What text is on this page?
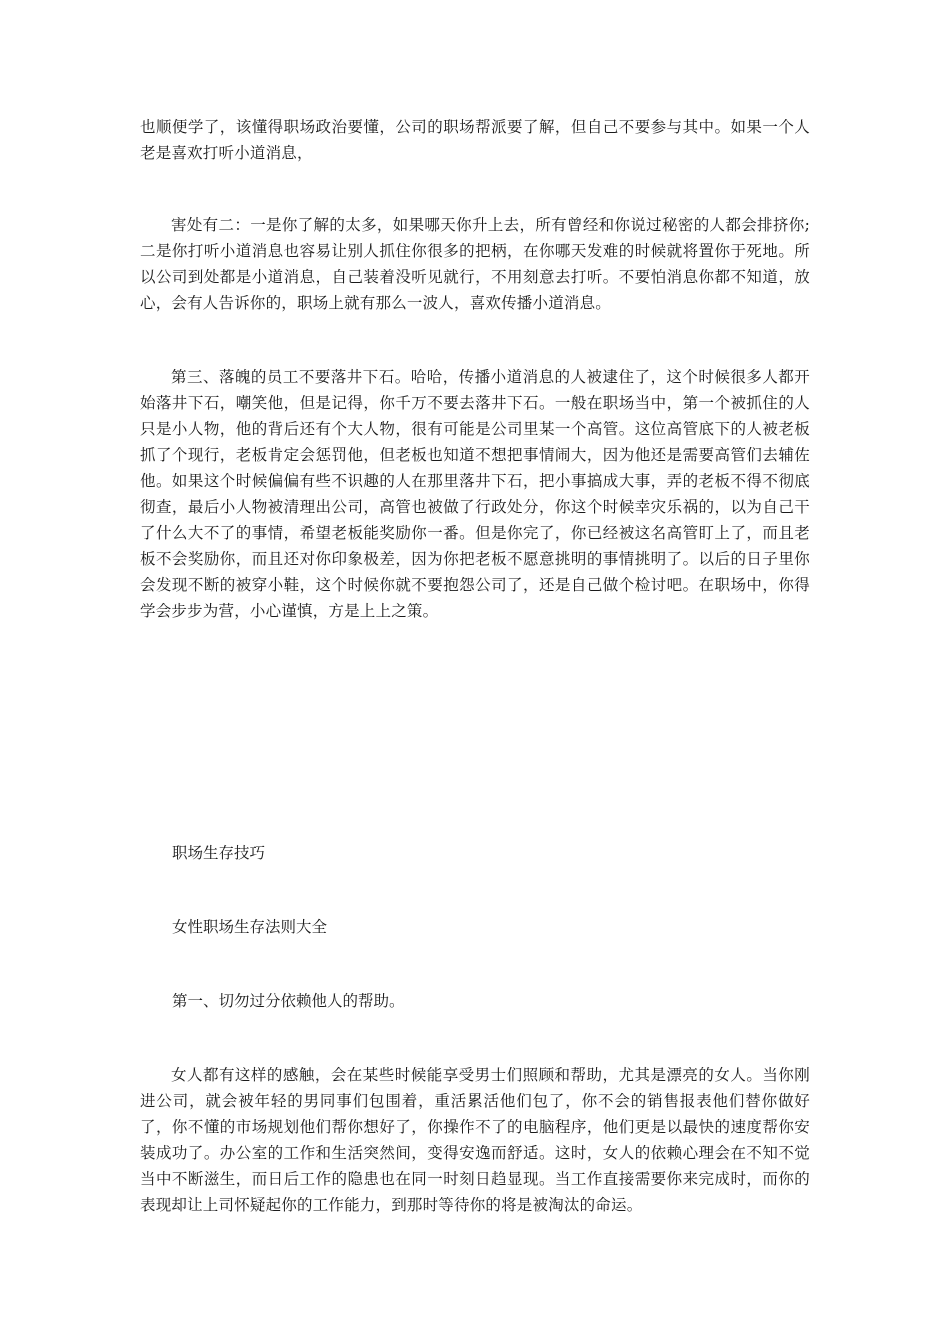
也顺便学了，该懂得职场政治要懂，公司的职场帮派要了解，但自己不要参与其中。如果一个人老是喜欢打听小道消息，

害处有二：一是你了解的太多，如果哪天你升上去，所有曾经和你说过秘密的人都会排挤你;二是你打听小道消息也容易让别人抓住你很多的把柄，在你哪天发难的时候就将置你于死地。所以公司到处都是小道消息，自己装着没听见就行，不用刻意去打听。不要怕消息你都不知道，放心，会有人告诉你的，职场上就有那么一波人，喜欢传播小道消息。

第三、落魄的员工不要落井下石。哈哈，传播小道消息的人被逮住了，这个时候很多人都开始落井下石，嘲笑他，但是记得，你千万不要去落井下石。一般在职场当中，第一个被抓住的人只是小人物，他的背后还有个大人物，很有可能是公司里某一个高管。这位高管底下的人被老板抓了个现行，老板肯定会惩罚他，但老板也知道不想把事情闹大，因为他还是需要高管们去辅佐他。如果这个时候偏偏有些不识趣的人在那里落井下石，把小事搞成大事，弄的老板不得不彻底彻查，最后小人物被清理出公司，高管也被做了行政处分，你这个时候幸灾乐祸的，以为自己干了什么大不了的事情，希望老板能奖励你一番。但是你完了，你已经被这名高管盯上了，而且老板不会奖励你，而且还对你印象极差，因为你把老板不愿意挑明的事情挑明了。以后的日子里你会发现不断的被穿小鞋，这个时候你就不要抱怨公司了，还是自己做个检讨吧。在职场中，你得学会步步为营，小心谨慎，方是上上之策。

职场生存技巧

女性职场生存法则大全

第一、切勿过分依赖他人的帮助。

女人都有这样的感触，会在某些时候能享受男士们照顾和帮助，尤其是漂亮的女人。当你刚进公司，就会被年轻的男同事们包围着，重活累活他们包了，你不会的销售报表他们替你做好了，你不懂的市场规划他们帮你想好了，你操作不了的电脑程序，他们更是以最快的速度帮你安装成功了。办公室的工作和生活突然间，变得安逸而舒适。这时，女人的依赖心理会在不知不觉当中不断滋生，而日后工作的隐患也在同一时刻日趋显现。当工作直接需要你来完成时，而你的表现却让上司怀疑起你的工作能力，到那时等待你的将是被淘汰的命运。
